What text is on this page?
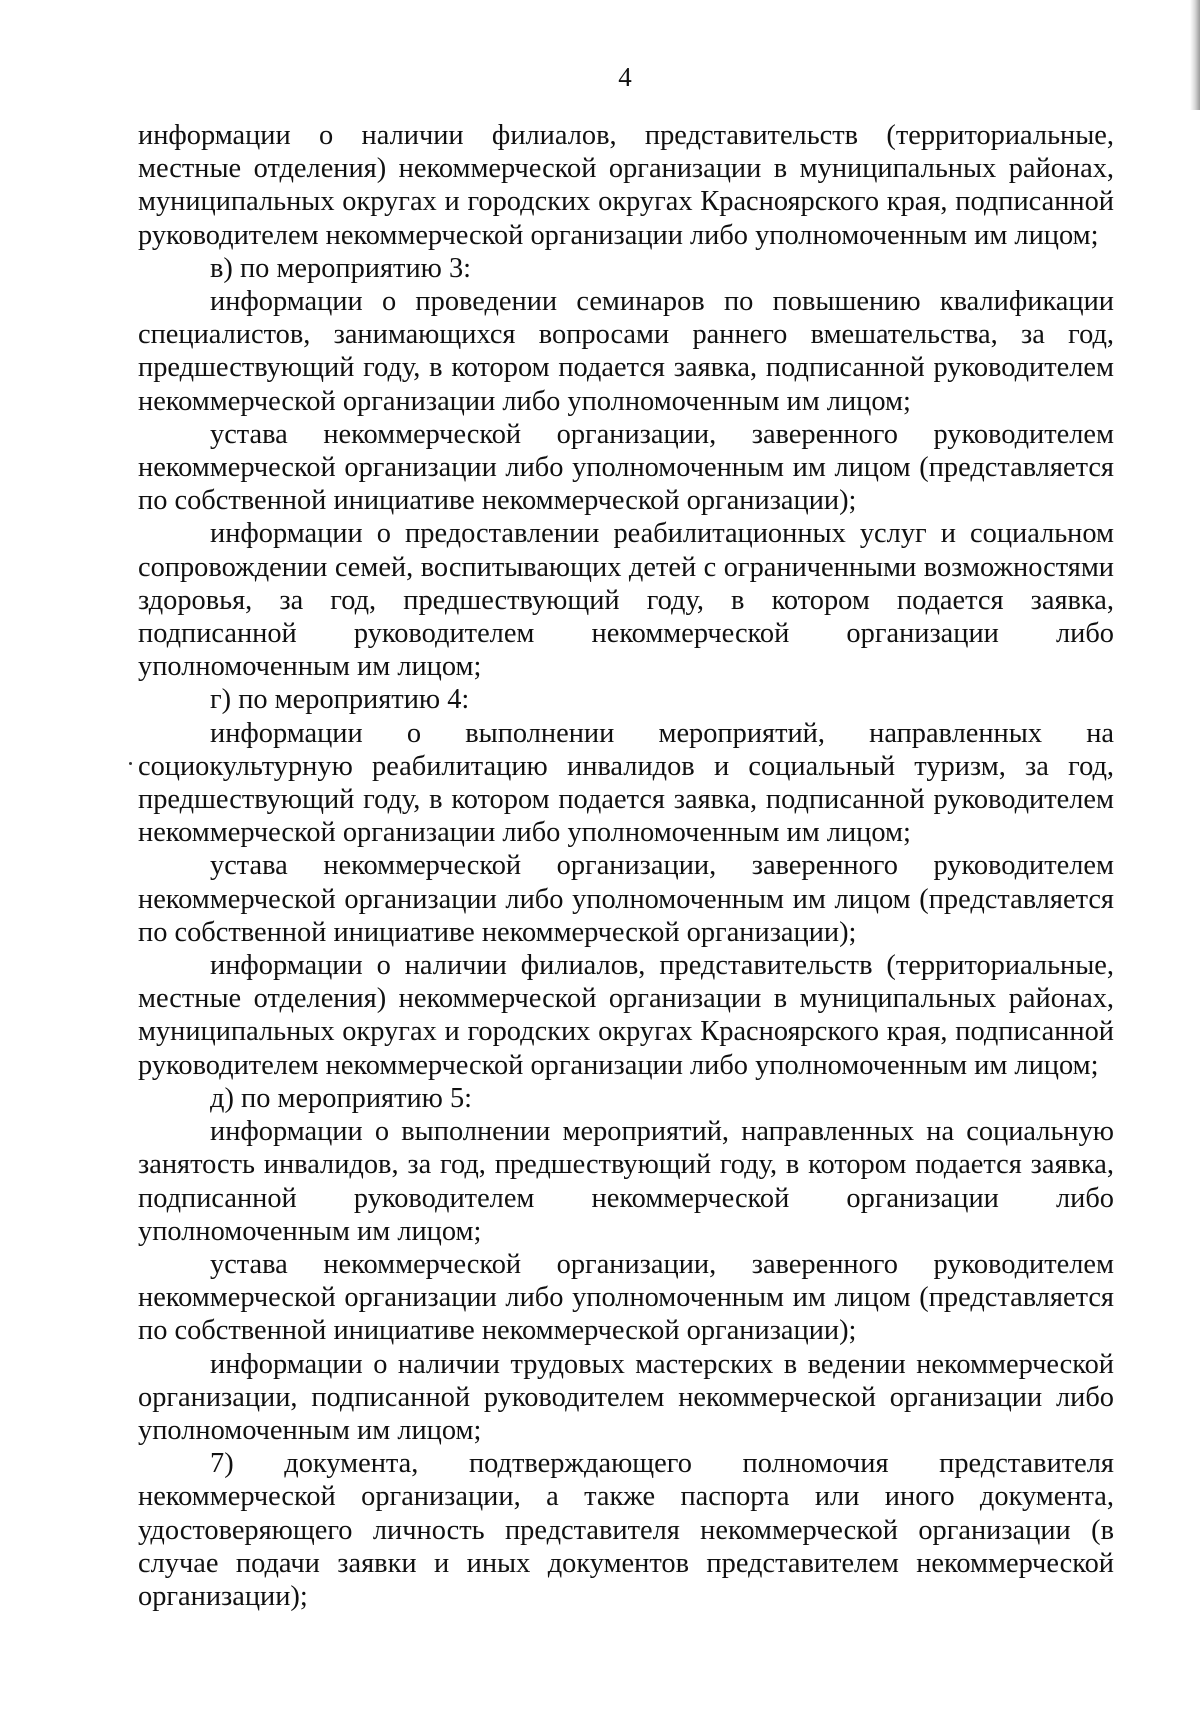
4

информации о наличии филиалов, представительств (территориальные, местные отделения) некоммерческой организации в муниципальных районах, муниципальных округах и городских округах Красноярского края, подписанной руководителем некоммерческой организации либо уполномоченным им лицом;

в) по мероприятию 3:

информации о проведении семинаров по повышению квалификации специалистов, занимающихся вопросами раннего вмешательства, за год, предшествующий году, в котором подается заявка, подписанной руководителем некоммерческой организации либо уполномоченным им лицом;

устава некоммерческой организации, заверенного руководителем некоммерческой организации либо уполномоченным им лицом (представляется по собственной инициативе некоммерческой организации);

информации о предоставлении реабилитационных услуг и социальном сопровождении семей, воспитывающих детей с ограниченными возможностями здоровья, за год, предшествующий году, в котором подается заявка, подписанной руководителем некоммерческой организации либо уполномоченным им лицом;

г) по мероприятию 4:

информации о выполнении мероприятий, направленных на социокультурную реабилитацию инвалидов и социальный туризм, за год, предшествующий году, в котором подается заявка, подписанной руководителем некоммерческой организации либо уполномоченным им лицом;

устава некоммерческой организации, заверенного руководителем некоммерческой организации либо уполномоченным им лицом (представляется по собственной инициативе некоммерческой организации);

информации о наличии филиалов, представительств (территориальные, местные отделения) некоммерческой организации в муниципальных районах, муниципальных округах и городских округах Красноярского края, подписанной руководителем некоммерческой организации либо уполномоченным им лицом;

д) по мероприятию 5:

информации о выполнении мероприятий, направленных на социальную занятость инвалидов, за год, предшествующий году, в котором подается заявка, подписанной руководителем некоммерческой организации либо уполномоченным им лицом;

устава некоммерческой организации, заверенного руководителем некоммерческой организации либо уполномоченным им лицом (представляется по собственной инициативе некоммерческой организации);

информации о наличии трудовых мастерских в ведении некоммерческой организации, подписанной руководителем некоммерческой организации либо уполномоченным им лицом;

7) документа, подтверждающего полномочия представителя некоммерческой организации, а также паспорта или иного документа, удостоверяющего личность представителя некоммерческой организации (в случае подачи заявки и иных документов представителем некоммерческой организации);
